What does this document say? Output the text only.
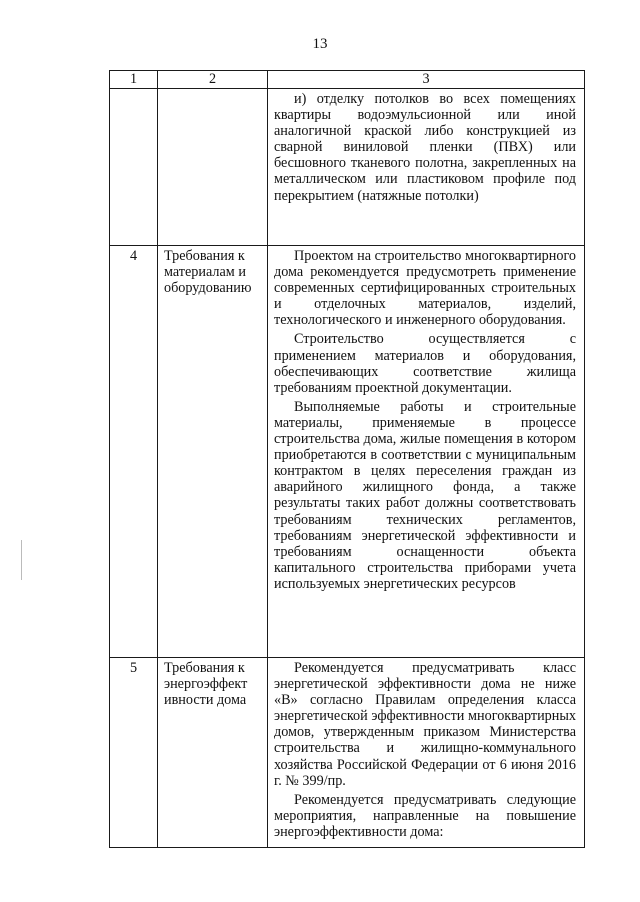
13
1	2	3

		и) отделку потолков во всех помещениях квартиры водоэмульсионной или иной аналогичной краской либо конструкцией из сварной виниловой пленки (ПВХ) или бесшовного тканевого полотна, закрепленных на металлическом или пластиковом профиле под перекрытием (натяжные потолки)

4	Требования к материалам и оборудованию	Проектом на строительство многоквартирного дома рекомендуется предусмотреть применение современных сертифицированных строительных и отделочных материалов, изделий, технологического и инженерного оборудования.

Строительство осуществляется с применением материалов и оборудования, обеспечивающих соответствие жилища требованиям проектной документации.

Выполняемые работы и строительные материалы, применяемые в процессе строительства дома, жилые помещения в котором приобретаются в соответствии с муниципальным контрактом в целях переселения граждан из аварийного жилищного фонда, а также результаты таких работ должны соответствовать требованиям технических регламентов, требованиям энергетической эффективности и требованиям оснащенности объекта капитального строительства приборами учета используемых энергетических ресурсов

5	Требования к энергоэффект ивности дома	Рекомендуется предусматривать класс энергетической эффективности дома не ниже «В» согласно Правилам определения класса энергетической эффективности многоквартирных домов, утвержденным приказом Министерства строительства и жилищно-коммунального хозяйства Российской Федерации от 6 июня 2016 г. № 399/пр.

Рекомендуется предусматривать следующие мероприятия, направленные на повышение энергоэффективности дома:
